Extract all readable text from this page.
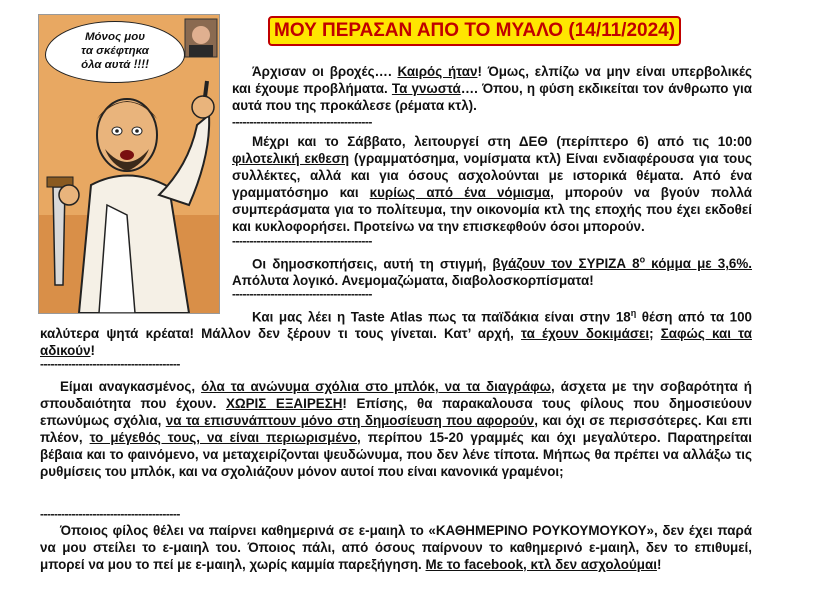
ΜΟΥ ΠΕΡΑΣΑΝ ΑΠΟ ΤΟ ΜΥΑΛΟ (14/11/2024)
Μόνος μου
τα σκέφτηκα
όλα αυτά !!!!	Άρχισαν οι βροχές…. Καιρός ήταν! Όμως, ελπίζω να μην είναι υπερβολικές και έχουμε προβλήματα. Τα γνωστά…. Όπου, η φύση εκδικείται τον άνθρωπο για αυτά που της προκάλεσε (ρέματα κτλ).
----------------------------------------
Μέχρι και το Σάββατο, λειτουργεί στη ΔΕΘ (περίπτερο 6) από τις 10:00 φιλοτελική εκθεση (γραμματόσημα, νομίσματα κτλ) Είναι ενδιαφέρουσα για τους συλλέκτες, αλλά και για όσους ασχολούνται με ιστορικά θέματα. Από ένα γραμματόσημο και κυρίως από ένα νόμισμα, μπορούν να βγούν πολλά συμπεράσματα για το πολίτευμα, την οικονομία κτλ της εποχής που έχει εκδοθεί και κυκλοφορήσει. Προτείνω να την επισκεφθούν όσοι μπορούν.
----------------------------------------
Οι δημοσκοπήσεις, αυτή τη στιγμή, βγάζουν τον ΣΥΡΙΖΑ $8^o$ κόμμα με 3,6%. Απόλυτα λογικό. Ανεμομαζώματα, διαβολοσκορπίσματα!
----------------------------------------
Και μας λέει η Taste Atlas πως τα παϊδάκια είναι στην $18^\eta$ θέση από τα 100 καλύτερα ψητά κρέατα! Μάλλον δεν ξέρουν τι τους γίνεται. Κατ’ αρχή, τα έχουν δοκιμάσει; Σαφώς και τα αδικούν!
----------------------------------------
Είμαι αναγκασμένος, όλα τα ανώνυμα σχόλια στο μπλόκ, να τα διαγράφω, άσχετα με την σοβαρότητα ή σπουδαιότητα που έχουν. ΧΩΡΙΣ ΕΞΑΙΡΕΣΗ! Επίσης, θα παρακαλουσα τους φίλους που δημοσιεύουν επωνύμως σχόλια, να τα επισυνάπτουν μόνο στη δημοσίευση που αφορούν, και όχι σε περισσότερες. Και επι πλέον, το μέγεθός τους, να είναι περιωρισμένο, περίπου 15-20 γραμμές και όχι μεγαλύτερο. Παρατηρείται βέβαια και το φαινόμενο, να μεταχειρίζονται ψευδώνυμα, που δεν λένε τίποτα. Μήπως θα πρέπει να αλλάξω τις ρυθμίσεις του μπλόκ, και να σχολιάζουν μόνον αυτοί που είναι κανονικά γραμένοι;
----------------------------------------
Όποιος φίλος θέλει να παίρνει καθημερινά σε ε-μαιηλ το «ΚΑΘΗΜΕΡΙΝΟ ΡΟΥΚΟΥΜΟΥΚΟΥ», δεν έχει παρά να μου στείλει το ε-μαιηλ του. Όποιος πάλι, από όσους παίρνουν το καθημερινό ε-μαιηλ, δεν το επιθυμεί, μπορεί να μου το πεί με ε-μαιηλ, χωρίς καμμία παρεξήγηση. Με το facebook, κτλ δεν ασχολούμαι!
